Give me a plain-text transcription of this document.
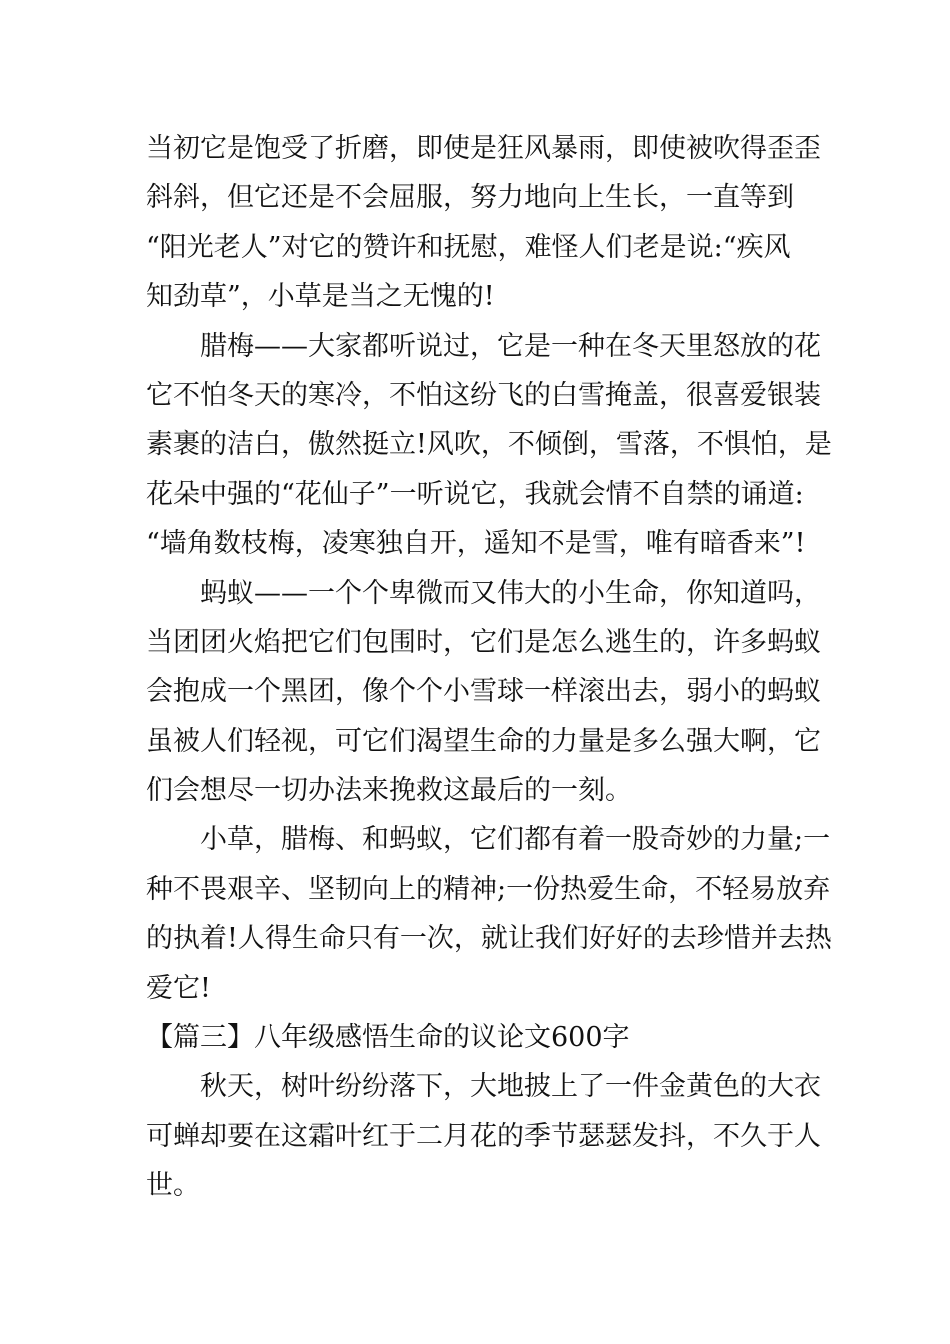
当初它是饱受了折磨，即使是狂风暴雨，即使被吹得歪歪
斜斜，但它还是不会屈服，努力地向上生长，一直等到
“阳光老人”对它的赞许和抚慰，难怪人们老是说:“疾风
知劲草”，小草是当之无愧的!
腊梅——大家都听说过，它是一种在冬天里怒放的花
它不怕冬天的寒冷，不怕这纷飞的白雪掩盖，很喜爱银装
素裹的洁白，傲然挺立!风吹，不倾倒，雪落，不惧怕，是
花朵中强的“花仙子”一听说它，我就会情不自禁的诵道:
“墙角数枝梅，凌寒独自开，遥知不是雪，唯有暗香来”!
蚂蚁——一个个卑微而又伟大的小生命，你知道吗，
当团团火焰把它们包围时，它们是怎么逃生的，许多蚂蚁
会抱成一个黑团，像个个小雪球一样滚出去，弱小的蚂蚁
虽被人们轻视，可它们渴望生命的力量是多么强大啊，它
们会想尽一切办法来挽救这最后的一刻。
小草，腊梅、和蚂蚁，它们都有着一股奇妙的力量;一
种不畏艰辛、坚韧向上的精神;一份热爱生命，不轻易放弃
的执着!人得生命只有一次，就让我们好好的去珍惜并去热
爱它!
【篇三】八年级感悟生命的议论文600字
秋天，树叶纷纷落下，大地披上了一件金黄色的大衣
可蝉却要在这霜叶红于二月花的季节瑟瑟发抖，不久于人
世。
